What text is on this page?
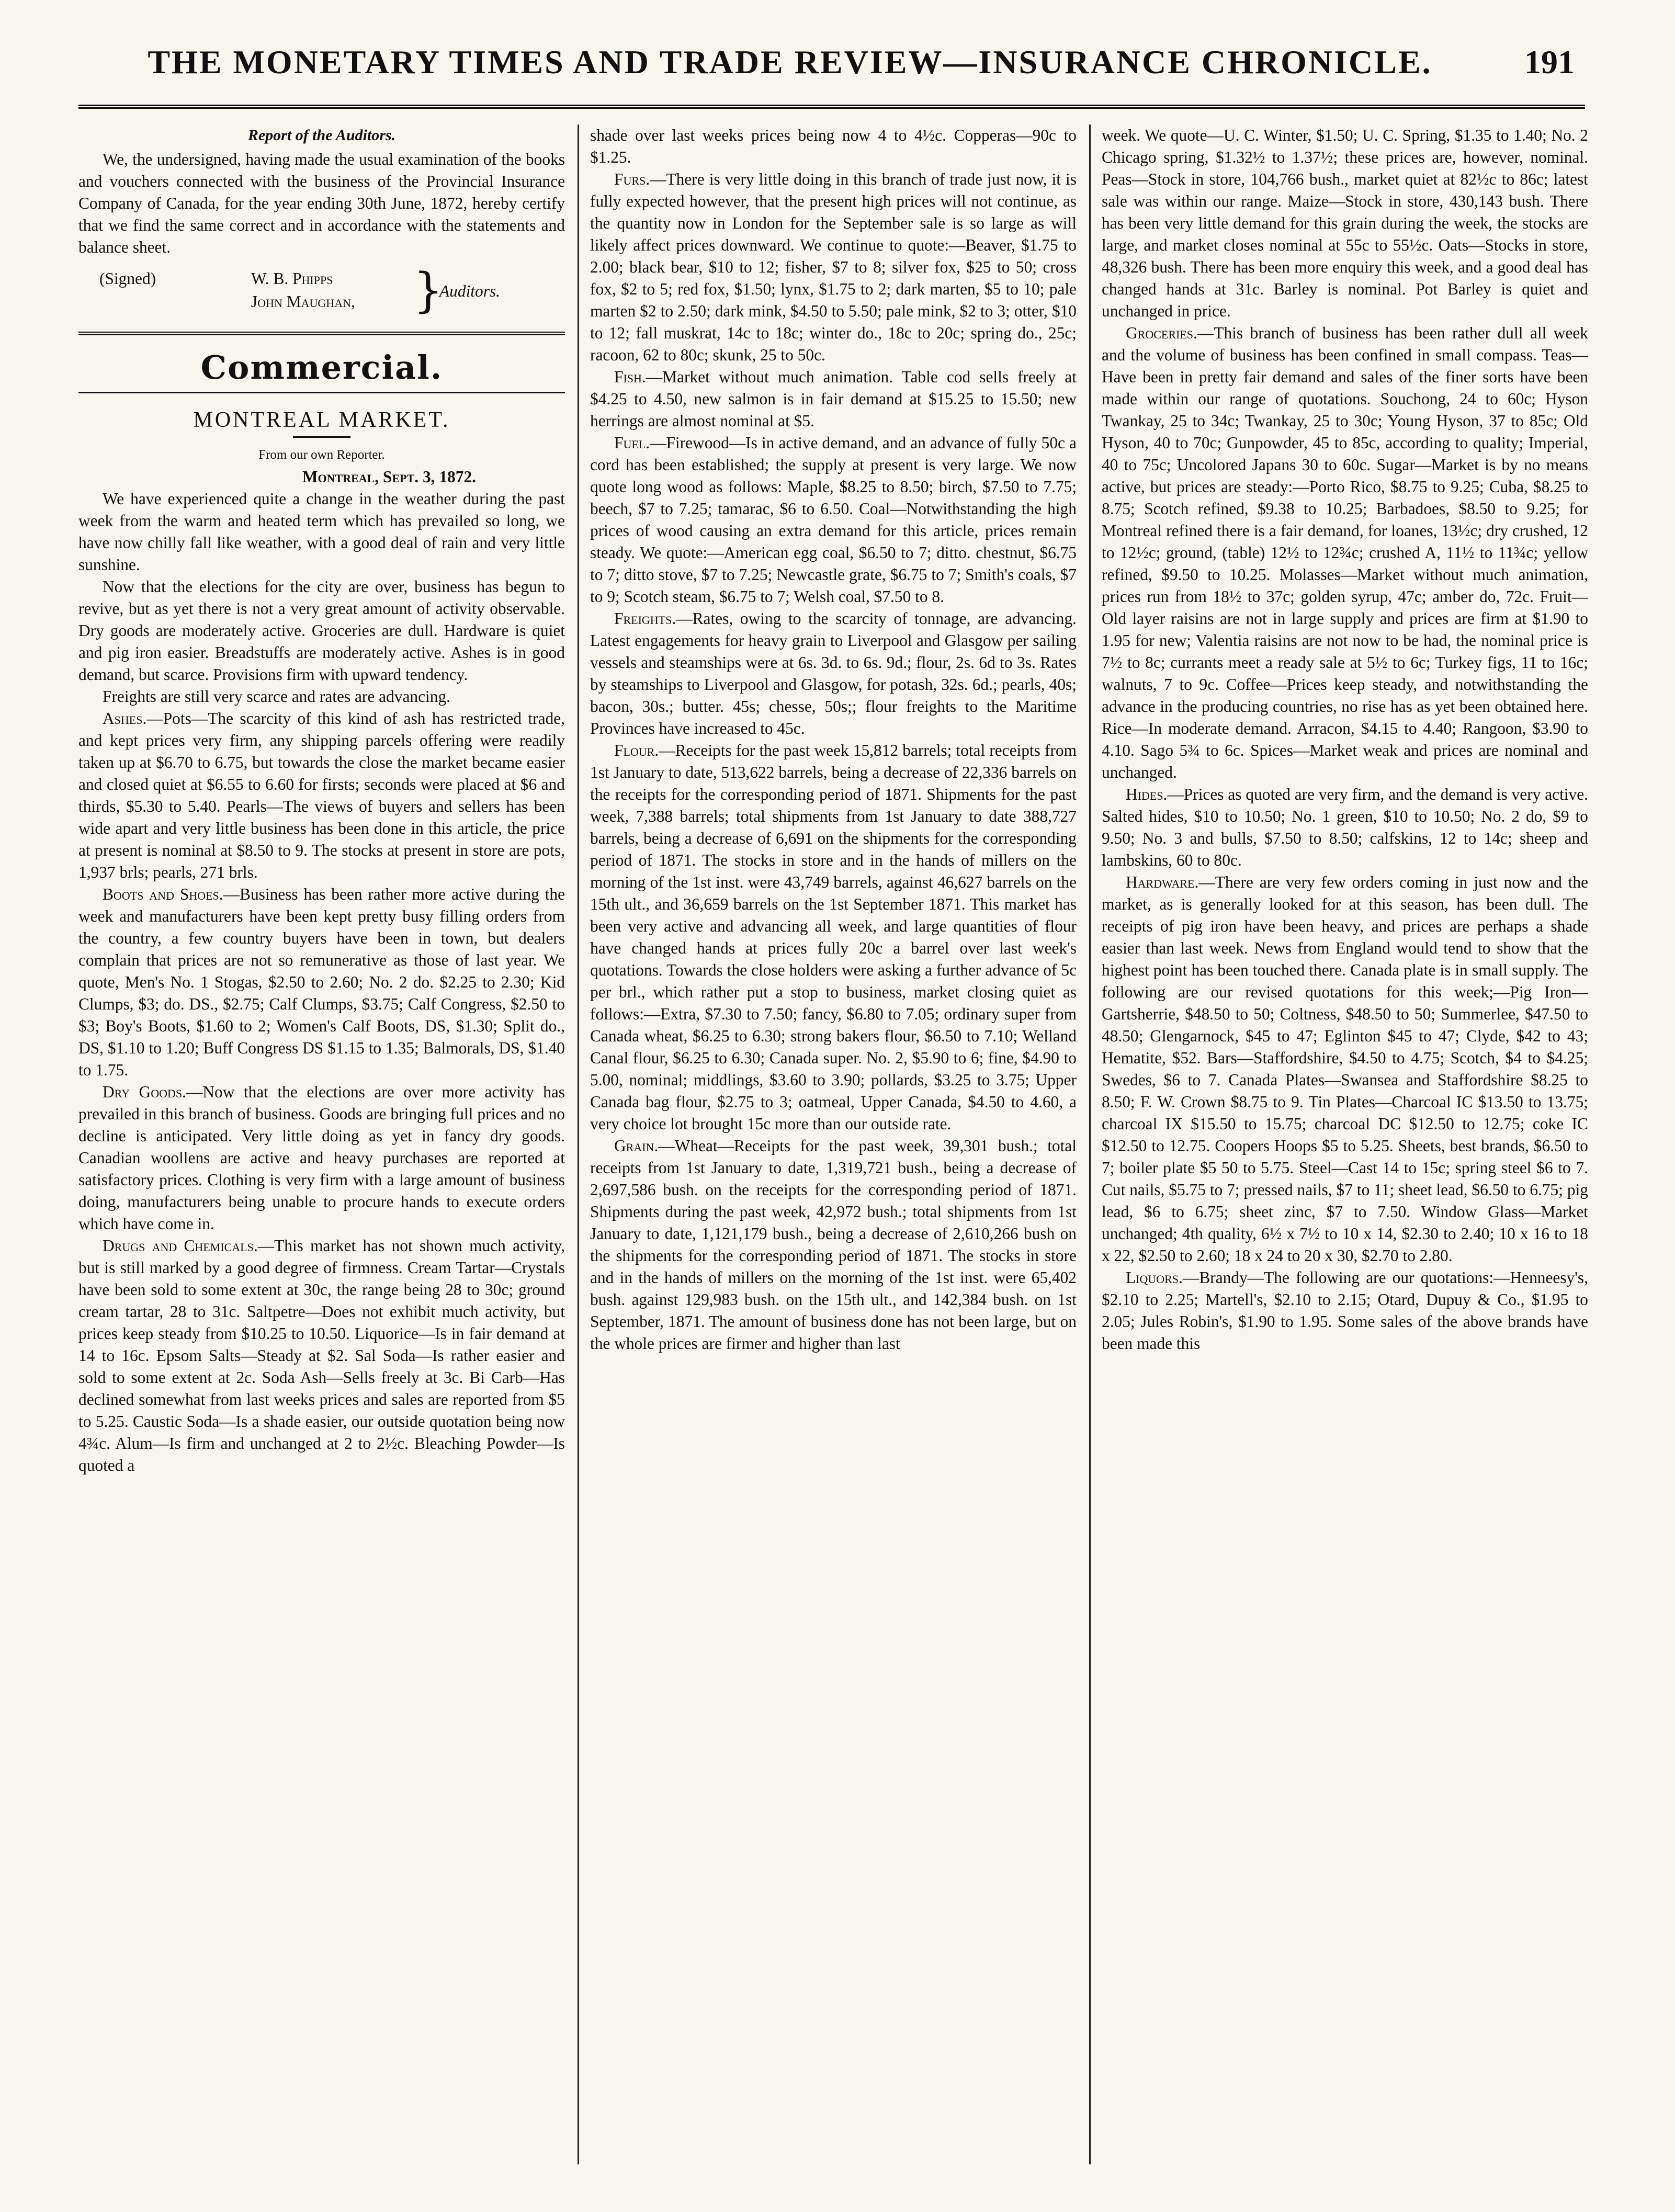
THE MONETARY TIMES AND TRADE REVIEW—INSURANCE CHRONICLE.	191

Report of the Auditors.

We, the undersigned, having made the usual examination of the books and vouchers connected with the business of the Provincial Insurance Company of Canada, for the year ending 30th June, 1872, hereby certify that we find the same correct and in accordance with the statements and balance sheet.

(Signed)	W. B. Phipps
John Maughan, }
Auditors.
Commercial.
MONTREAL MARKET.

From our own Reporter.

Montreal, Sept. 3, 1872.

We have experienced quite a change in the weather during the past week from the warm and heated term which has prevailed so long, we have now chilly fall like weather, with a good deal of rain and very little sunshine.

Now that the elections for the city are over, business has begun to revive, but as yet there is not a very great amount of activity observable. Dry goods are moderately active. Groceries are dull. Hardware is quiet and pig iron easier. Breadstuffs are moderately active. Ashes is in good demand, but scarce. Provisions firm with upward tendency.

Freights are still very scarce and rates are advancing.

Ashes.—Pots—The scarcity of this kind of ash has restricted trade, and kept prices very firm, any shipping parcels offering were readily taken up at $6.70 to 6.75, but towards the close the market became easier and closed quiet at $6.55 to 6.60 for firsts; seconds were placed at $6 and thirds, $5.30 to 5.40. Pearls—The views of buyers and sellers has been wide apart and very little business has been done in this article, the price at present is nominal at $8.50 to 9. The stocks at present in store are pots, 1,937 brls; pearls, 271 brls.

Boots and Shoes.—Business has been rather more active during the week and manufacturers have been kept pretty busy filling orders from the country, a few country buyers have been in town, but dealers complain that prices are not so remunerative as those of last year. We quote, Men's No. 1 Stogas, $2.50 to 2.60; No. 2 do. $2.25 to 2.30; Kid Clumps, $3; do. DS., $2.75; Calf Clumps, $3.75; Calf Congress, $2.50 to $3; Boy's Boots, $1.60 to 2; Women's Calf Boots, DS, $1.30; Split do., DS, $1.10 to 1.20; Buff Congress DS $1.15 to 1.35; Balmorals, DS, $1.40 to 1.75.

Dry Goods.—Now that the elections are over more activity has prevailed in this branch of business. Goods are bringing full prices and no decline is anticipated. Very little doing as yet in fancy dry goods. Canadian woollens are active and heavy purchases are reported at satisfactory prices. Clothing is very firm with a large amount of business doing, manufacturers being unable to procure hands to execute orders which have come in.

Drugs and Chemicals.—This market has not shown much activity, but is still marked by a good degree of firmness. Cream Tartar—Crystals have been sold to some extent at 30c, the range being 28 to 30c; ground cream tartar, 28 to 31c. Saltpetre—Does not exhibit much activity, but prices keep steady from $10.25 to 10.50. Liquorice—Is in fair demand at 14 to 16c. Epsom Salts—Steady at $2. Sal Soda—Is rather easier and sold to some extent at 2c. Soda Ash—Sells freely at 3c. Bi Carb—Has declined somewhat from last weeks prices and sales are reported from $5 to 5.25. Caustic Soda—Is a shade easier, our outside quotation being now 4¾c. Alum—Is firm and unchanged at 2 to 2½c. Bleaching Powder—Is quoted a

shade over last weeks prices being now 4 to 4½c. Copperas—90c to $1.25.

Furs.—There is very little doing in this branch of trade just now, it is fully expected however, that the present high prices will not continue, as the quantity now in London for the September sale is so large as will likely affect prices downward. We continue to quote:—Beaver, $1.75 to 2.00; black bear, $10 to 12; fisher, $7 to 8; silver fox, $25 to 50; cross fox, $2 to 5; red fox, $1.50; lynx, $1.75 to 2; dark marten, $5 to 10; pale marten $2 to 2.50; dark mink, $4.50 to 5.50; pale mink, $2 to 3; otter, $10 to 12; fall muskrat, 14c to 18c; winter do., 18c to 20c; spring do., 25c; racoon, 62 to 80c; skunk, 25 to 50c.

Fish.—Market without much animation. Table cod sells freely at $4.25 to 4.50, new salmon is in fair demand at $15.25 to 15.50; new herrings are almost nominal at $5.

Fuel.—Firewood—Is in active demand, and an advance of fully 50c a cord has been established; the supply at present is very large. We now quote long wood as follows: Maple, $8.25 to 8.50; birch, $7.50 to 7.75; beech, $7 to 7.25; tamarac, $6 to 6.50. Coal—Notwithstanding the high prices of wood causing an extra demand for this article, prices remain steady. We quote:—American egg coal, $6.50 to 7; ditto. chestnut, $6.75 to 7; ditto stove, $7 to 7.25; Newcastle grate, $6.75 to 7; Smith's coals, $7 to 9; Scotch steam, $6.75 to 7; Welsh coal, $7.50 to 8.

Freights.—Rates, owing to the scarcity of tonnage, are advancing. Latest engagements for heavy grain to Liverpool and Glasgow per sailing vessels and steamships were at 6s. 3d. to 6s. 9d.; flour, 2s. 6d to 3s. Rates by steamships to Liverpool and Glasgow, for potash, 32s. 6d.; pearls, 40s; bacon, 30s.; butter. 45s; chesse, 50s;; flour freights to the Maritime Provinces have increased to 45c.

Flour.—Receipts for the past week 15,812 barrels; total receipts from 1st January to date, 513,622 barrels, being a decrease of 22,336 barrels on the receipts for the corresponding period of 1871. Shipments for the past week, 7,388 barrels; total shipments from 1st January to date 388,727 barrels, being a decrease of 6,691 on the shipments for the corresponding period of 1871. The stocks in store and in the hands of millers on the morning of the 1st inst. were 43,749 barrels, against 46,627 barrels on the 15th ult., and 36,659 barrels on the 1st September 1871. This market has been very active and advancing all week, and large quantities of flour have changed hands at prices fully 20c a barrel over last week's quotations. Towards the close holders were asking a further advance of 5c per brl., which rather put a stop to business, market closing quiet as follows:—Extra, $7.30 to 7.50; fancy, $6.80 to 7.05; ordinary super from Canada wheat, $6.25 to 6.30; strong bakers flour, $6.50 to 7.10; Welland Canal flour, $6.25 to 6.30; Canada super. No. 2, $5.90 to 6; fine, $4.90 to 5.00, nominal; middlings, $3.60 to 3.90; pollards, $3.25 to 3.75; Upper Canada bag flour, $2.75 to 3; oatmeal, Upper Canada, $4.50 to 4.60, a very choice lot brought 15c more than our outside rate.

Grain.—Wheat—Receipts for the past week, 39,301 bush.; total receipts from 1st January to date, 1,319,721 bush., being a decrease of 2,697,586 bush. on the receipts for the corresponding period of 1871. Shipments during the past week, 42,972 bush.; total shipments from 1st January to date, 1,121,179 bush., being a decrease of 2,610,266 bush on the shipments for the corresponding period of 1871. The stocks in store and in the hands of millers on the morning of the 1st inst. were 65,402 bush. against 129,983 bush. on the 15th ult., and 142,384 bush. on 1st September, 1871. The amount of business done has not been large, but on the whole prices are firmer and higher than last

week. We quote—U. C. Winter, $1.50; U. C. Spring, $1.35 to 1.40; No. 2 Chicago spring, $1.32½ to 1.37½; these prices are, however, nominal. Peas—Stock in store, 104,766 bush., market quiet at 82½c to 86c; latest sale was within our range. Maize—Stock in store, 430,143 bush. There has been very little demand for this grain during the week, the stocks are large, and market closes nominal at 55c to 55½c. Oats—Stocks in store, 48,326 bush. There has been more enquiry this week, and a good deal has changed hands at 31c. Barley is nominal. Pot Barley is quiet and unchanged in price.

Groceries.—This branch of business has been rather dull all week and the volume of business has been confined in small compass. Teas—Have been in pretty fair demand and sales of the finer sorts have been made within our range of quotations. Souchong, 24 to 60c; Hyson Twankay, 25 to 34c; Twankay, 25 to 30c; Young Hyson, 37 to 85c; Old Hyson, 40 to 70c; Gunpowder, 45 to 85c, according to quality; Imperial, 40 to 75c; Uncolored Japans 30 to 60c. Sugar—Market is by no means active, but prices are steady:—Porto Rico, $8.75 to 9.25; Cuba, $8.25 to 8.75; Scotch refined, $9.38 to 10.25; Barbadoes, $8.50 to 9.25; for Montreal refined there is a fair demand, for loanes, 13½c; dry crushed, 12 to 12½c; ground, (table) 12½ to 12¾c; crushed A, 11½ to 11¾c; yellow refined, $9.50 to 10.25. Molasses—Market without much animation, prices run from 18½ to 37c; golden syrup, 47c; amber do, 72c. Fruit—Old layer raisins are not in large supply and prices are firm at $1.90 to 1.95 for new; Valentia raisins are not now to be had, the nominal price is 7½ to 8c; currants meet a ready sale at 5½ to 6c; Turkey figs, 11 to 16c; walnuts, 7 to 9c. Coffee—Prices keep steady, and notwithstanding the advance in the producing countries, no rise has as yet been obtained here. Rice—In moderate demand. Arracon, $4.15 to 4.40; Rangoon, $3.90 to 4.10. Sago 5¾ to 6c. Spices—Market weak and prices are nominal and unchanged.

Hides.—Prices as quoted are very firm, and the demand is very active. Salted hides, $10 to 10.50; No. 1 green, $10 to 10.50; No. 2 do, $9 to 9.50; No. 3 and bulls, $7.50 to 8.50; calfskins, 12 to 14c; sheep and lambskins, 60 to 80c.

Hardware.—There are very few orders coming in just now and the market, as is generally looked for at this season, has been dull. The receipts of pig iron have been heavy, and prices are perhaps a shade easier than last week. News from England would tend to show that the highest point has been touched there. Canada plate is in small supply. The following are our revised quotations for this week;—Pig Iron—Gartsherrie, $48.50 to 50; Coltness, $48.50 to 50; Summerlee, $47.50 to 48.50; Glengarnock, $45 to 47; Eglinton $45 to 47; Clyde, $42 to 43; Hematite, $52. Bars—Staffordshire, $4.50 to 4.75; Scotch, $4 to $4.25; Swedes, $6 to 7. Canada Plates—Swansea and Staffordshire $8.25 to 8.50; F. W. Crown $8.75 to 9. Tin Plates—Charcoal IC $13.50 to 13.75; charcoal IX $15.50 to 15.75; charcoal DC $12.50 to 12.75; coke IC $12.50 to 12.75. Coopers Hoops $5 to 5.25. Sheets, best brands, $6.50 to 7; boiler plate $5 50 to 5.75. Steel—Cast 14 to 15c; spring steel $6 to 7. Cut nails, $5.75 to 7; pressed nails, $7 to 11; sheet lead, $6.50 to 6.75; pig lead, $6 to 6.75; sheet zinc, $7 to 7.50. Window Glass—Market unchanged; 4th quality, 6½ x 7½ to 10 x 14, $2.30 to 2.40; 10 x 16 to 18 x 22, $2.50 to 2.60; 18 x 24 to 20 x 30, $2.70 to 2.80.

Liquors.—Brandy—The following are our quotations:—Henneesy's, $2.10 to 2.25; Martell's, $2.10 to 2.15; Otard, Dupuy & Co., $1.95 to 2.05; Jules Robin's, $1.90 to 1.95. Some sales of the above brands have been made this
